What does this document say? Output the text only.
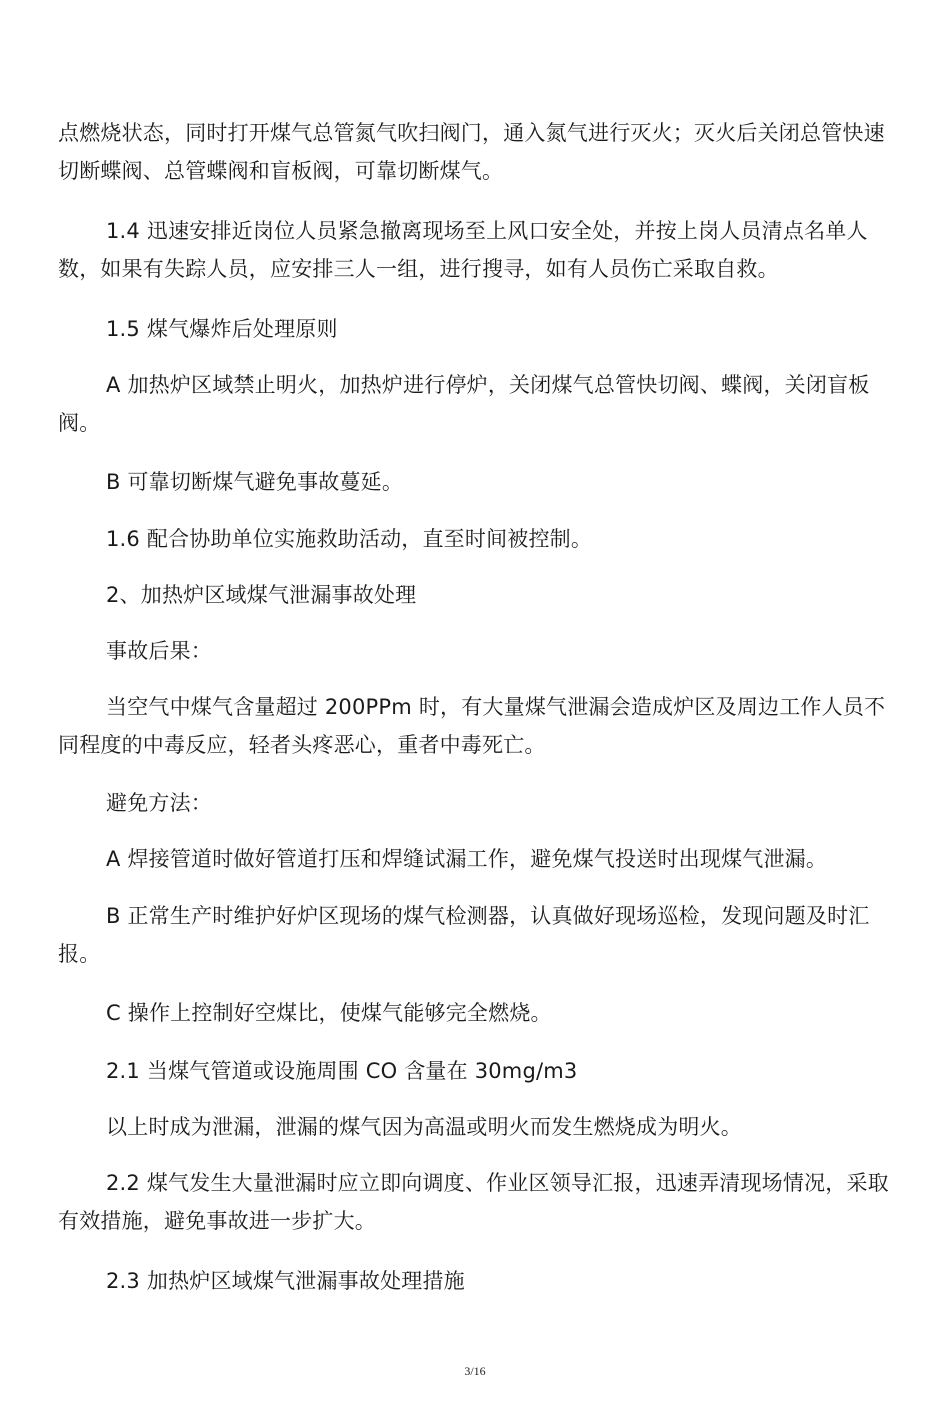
点燃烧状态，同时打开煤气总管氮气吹扫阀门，通入氮气进行灭火；灭火后关闭总管快速切断蝶阀、总管蝶阀和盲板阀，可靠切断煤气。

1.4 迅速安排近岗位人员紧急撤离现场至上风口安全处，并按上岗人员清点名单人数，如果有失踪人员，应安排三人一组，进行搜寻，如有人员伤亡采取自救。

1.5 煤气爆炸后处理原则

A 加热炉区域禁止明火，加热炉进行停炉，关闭煤气总管快切阀、蝶阀，关闭盲板阀。

B 可靠切断煤气避免事故蔓延。

1.6 配合协助单位实施救助活动，直至时间被控制。

2、加热炉区域煤气泄漏事故处理

事故后果：

当空气中煤气含量超过 200PPm 时，有大量煤气泄漏会造成炉区及周边工作人员不同程度的中毒反应，轻者头疼恶心，重者中毒死亡。

避免方法：

A 焊接管道时做好管道打压和焊缝试漏工作，避免煤气投送时出现煤气泄漏。

B 正常生产时维护好炉区现场的煤气检测器，认真做好现场巡检，发现问题及时汇报。

C 操作上控制好空煤比，使煤气能够完全燃烧。

2.1 当煤气管道或设施周围 CO 含量在 30mg/m3

以上时成为泄漏，泄漏的煤气因为高温或明火而发生燃烧成为明火。

2.2 煤气发生大量泄漏时应立即向调度、作业区领导汇报，迅速弄清现场情况，采取有效措施，避免事故进一步扩大。

2.3 加热炉区域煤气泄漏事故处理措施

3/16
